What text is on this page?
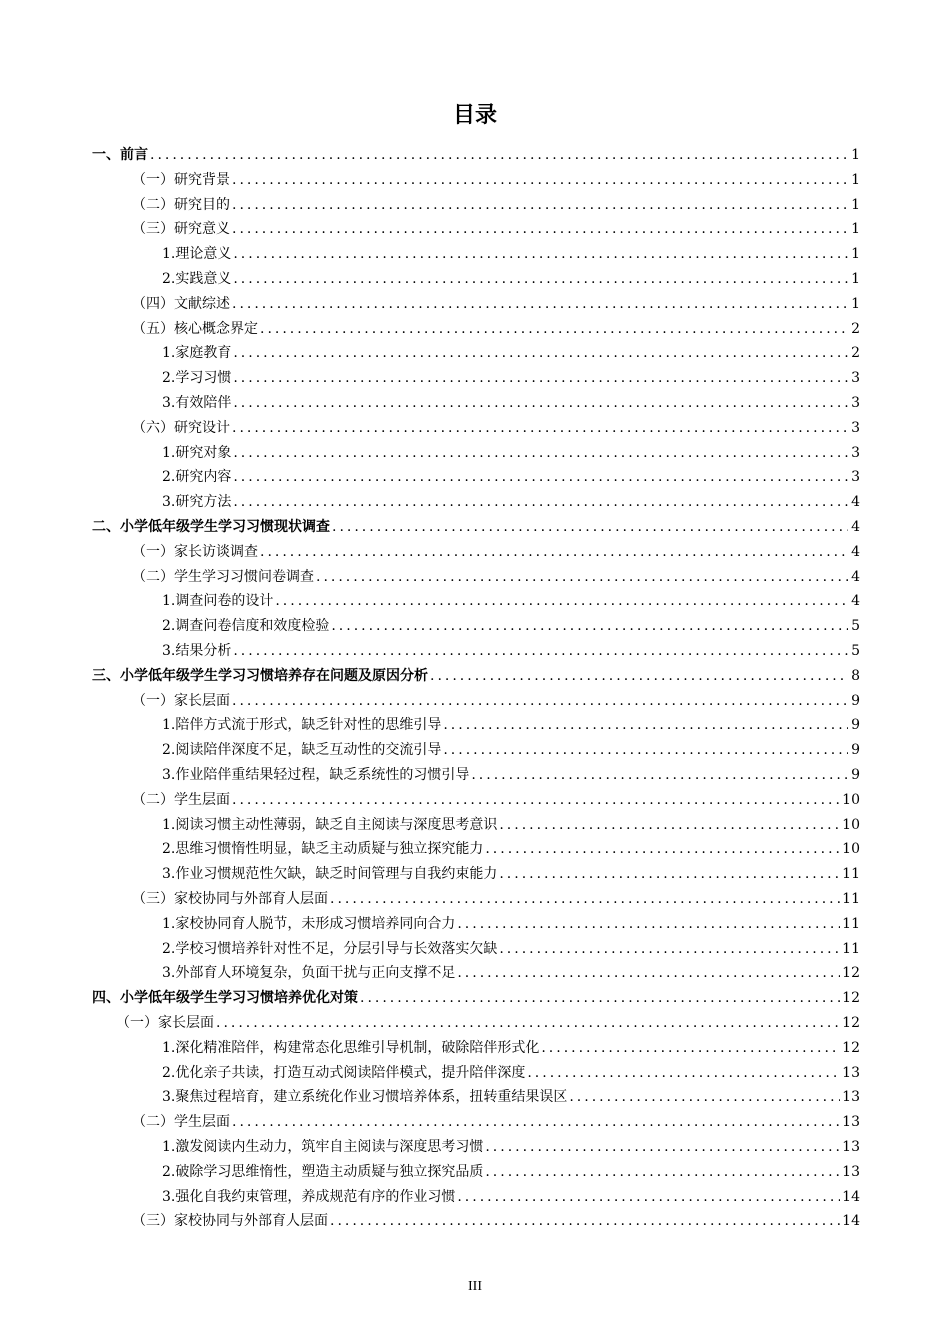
目录
一、前言 .....	1
（一）研究背景 .....	1
（二）研究目的 .....	1
（三）研究意义 .....	1
1.理论意义 .....	1
2.实践意义 .....	1
（四）文献综述 .....	1
（五）核心概念界定 .....	2
1.家庭教育 .....	2
2.学习习惯 .....	3
3.有效陪伴 .....	3
（六）研究设计 .....	3
1.研究对象 .....	3
2.研究内容 .....	3
3.研究方法 .....	4
二、小学低年级学生学习习惯现状调查 .....	4
（一）家长访谈调查 .....	4
（二）学生学习习惯问卷调查 .....	4
1.调查问卷的设计 .....	4
2.调查问卷信度和效度检验 .....	5
3.结果分析 .....	5
三、小学低年级学生学习习惯培养存在问题及原因分析 .....	8
（一）家长层面 .....	9
1.陪伴方式流于形式，缺乏针对性的思维引导 .....	9
2.阅读陪伴深度不足，缺乏互动性的交流引导 .....	9
3.作业陪伴重结果轻过程，缺乏系统性的习惯引导 .....	9
（二）学生层面 .....	10
1.阅读习惯主动性薄弱，缺乏自主阅读与深度思考意识 .....	10
2.思维习惯惰性明显，缺乏主动质疑与独立探究能力 .....	10
3.作业习惯规范性欠缺，缺乏时间管理与自我约束能力 .....	11
（三）家校协同与外部育人层面 .....	11
1.家校协同育人脱节，未形成习惯培养同向合力 .....	11
2.学校习惯培养针对性不足，分层引导与长效落实欠缺 .....	11
3.外部育人环境复杂，负面干扰与正向支撑不足 .....	12
四、小学低年级学生学习习惯培养优化对策 .....	12
（一）家长层面 .....	12
1.深化精准陪伴，构建常态化思维引导机制，破除陪伴形式化 .....	12
2.优化亲子共读，打造互动式阅读陪伴模式，提升陪伴深度 .....	13
3.聚焦过程培育，建立系统化作业习惯培养体系，扭转重结果误区 .....	13
（二）学生层面 .....	13
1.激发阅读内生动力，筑牢自主阅读与深度思考习惯 .....	13
2.破除学习思维惰性，塑造主动质疑与独立探究品质 .....	13
3.强化自我约束管理，养成规范有序的作业习惯 .....	14
（三）家校协同与外部育人层面 .....	14
III
